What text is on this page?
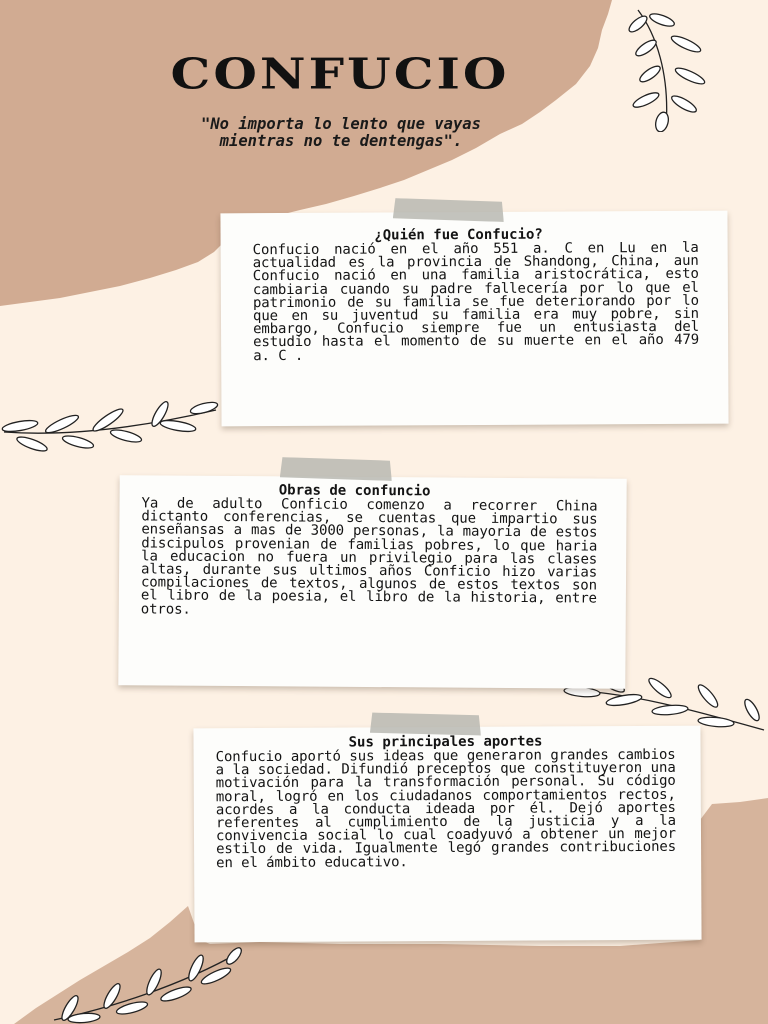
CONFUCIO
"No importa lo lento que vayas
mientras no te dentengas".
¿Quién fue Confucio?
Confucio nació en el año 551 a. C en Lu en la actualidad es la provincia de Shandong, China, aun Confucio nació en una familia aristocrática, esto cambiaria cuando su padre fallecería por lo que el patrimonio de su familia se fue deteriorando por lo que en su juventud su familia era muy pobre, sin embargo, Confucio siempre fue un entusiasta del estudio hasta el momento de su muerte en el año 479 a. C .
Obras de confuncio
Ya de adulto Conficio comenzo a recorrer China dictanto conferencias, se cuentas que impartio sus enseñansas a mas de 3000 personas, la mayoria de estos discipulos provenian de familias pobres, lo que haria la educacion no fuera un privilegio para las clases altas, durante sus ultimos años Conficio hizo varias compilaciones de textos, algunos de estos textos son el libro de la poesia, el libro de la historia, entre otros.
Sus principales aportes
Confucio aportó sus ideas que generaron grandes cambios a la sociedad. Difundió preceptos que constituyeron una motivación para la transformación personal. Su código moral, logró en los ciudadanos comportamientos rectos, acordes a la conducta ideada por él. Dejó aportes referentes al cumplimiento de la justicia y a la convivencia social lo cual coadyuvó a obtener un mejor estilo de vida. Igualmente legó grandes contribuciones en el ámbito educativo.
